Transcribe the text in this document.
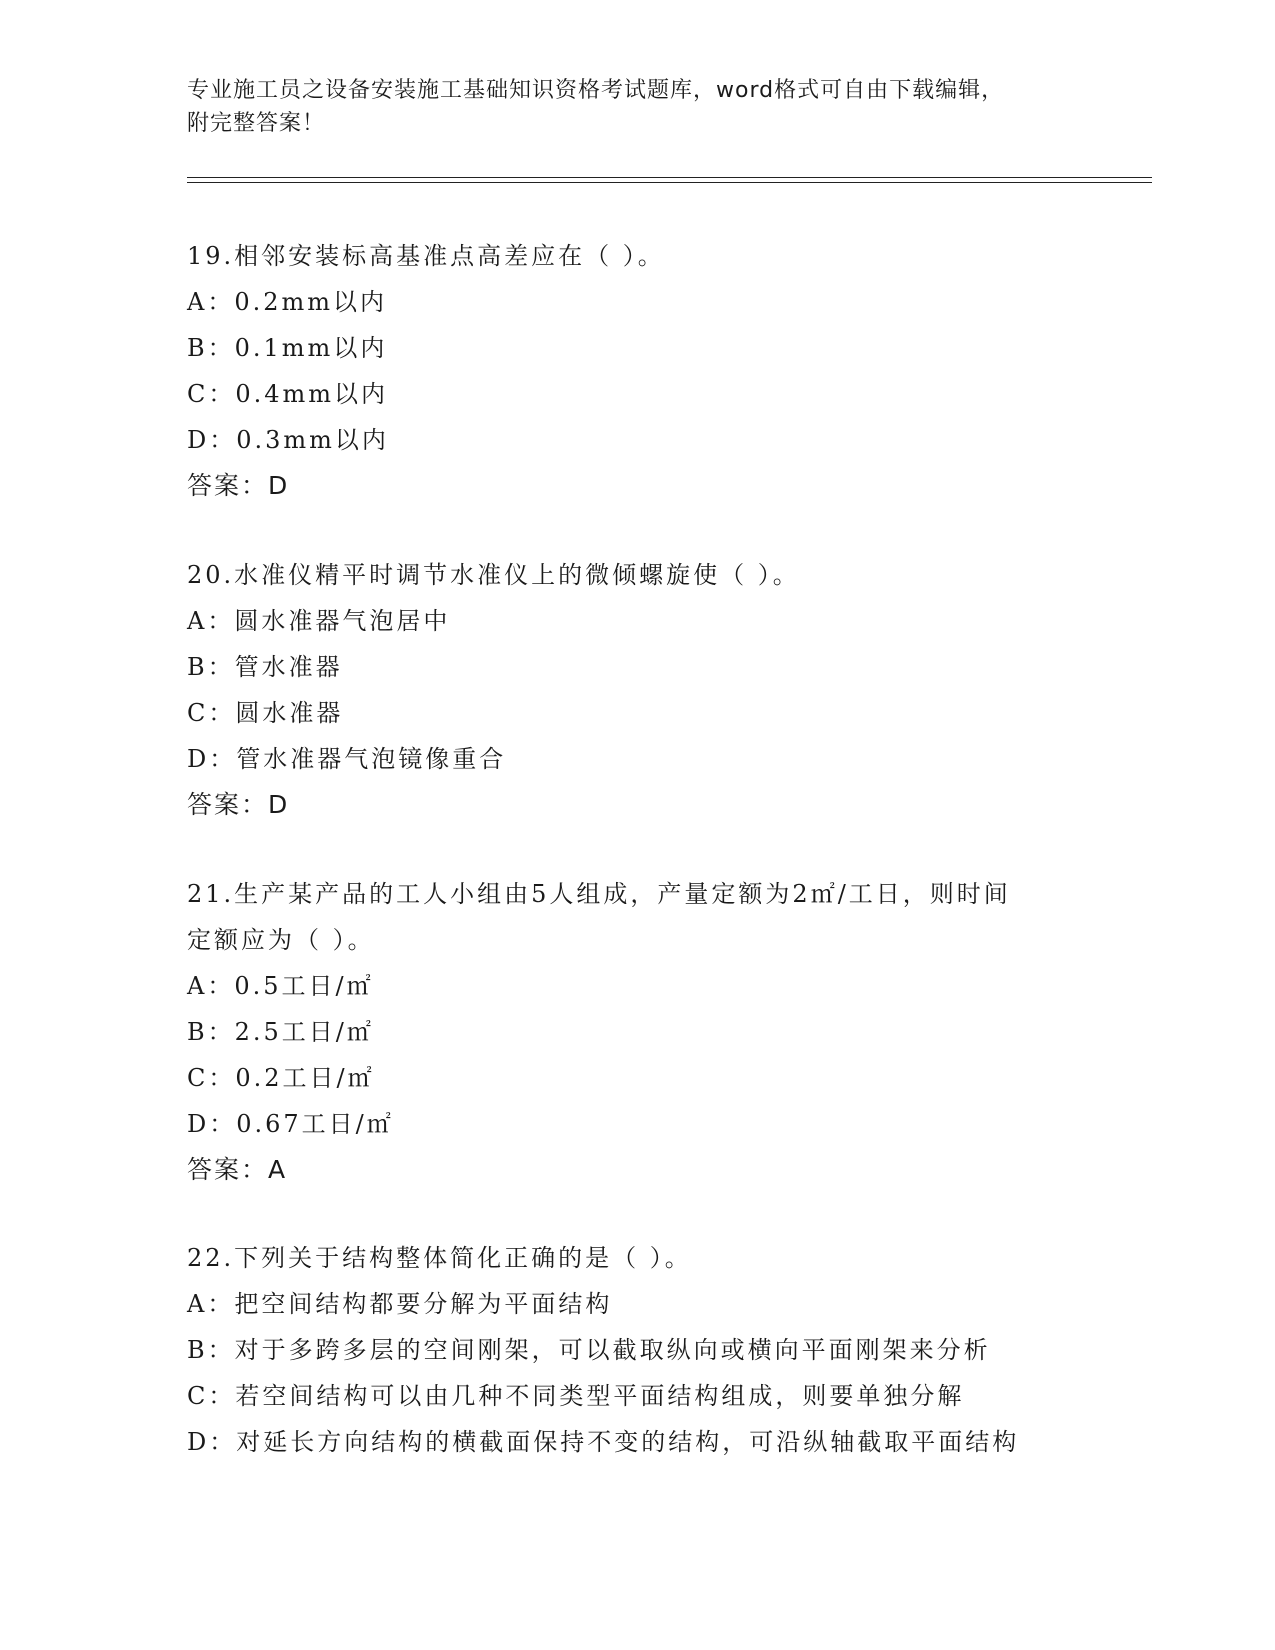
专业施工员之设备安装施工基础知识资格考试题库，word格式可自由下载编辑，
附完整答案！
19.相邻安装标高基准点高差应在（ ）。
A：0.2mm以内
B：0.1mm以内
C：0.4mm以内
D：0.3mm以内
答案：D
20.水准仪精平时调节水准仪上的微倾螺旋使（ ）。
A：圆水准器气泡居中
B：管水准器
C：圆水准器
D：管水准器气泡镜像重合
答案：D
21.生产某产品的工人小组由5人组成，产量定额为2㎡/工日，则时间
定额应为（ ）。
A：0.5工日/㎡
B：2.5工日/㎡
C：0.2工日/㎡
D：0.67工日/㎡
答案：A
22.下列关于结构整体简化正确的是（ ）。
A：把空间结构都要分解为平面结构
B：对于多跨多层的空间刚架，可以截取纵向或横向平面刚架来分析
C：若空间结构可以由几种不同类型平面结构组成，则要单独分解
D：对延长方向结构的横截面保持不变的结构，可沿纵轴截取平面结构
